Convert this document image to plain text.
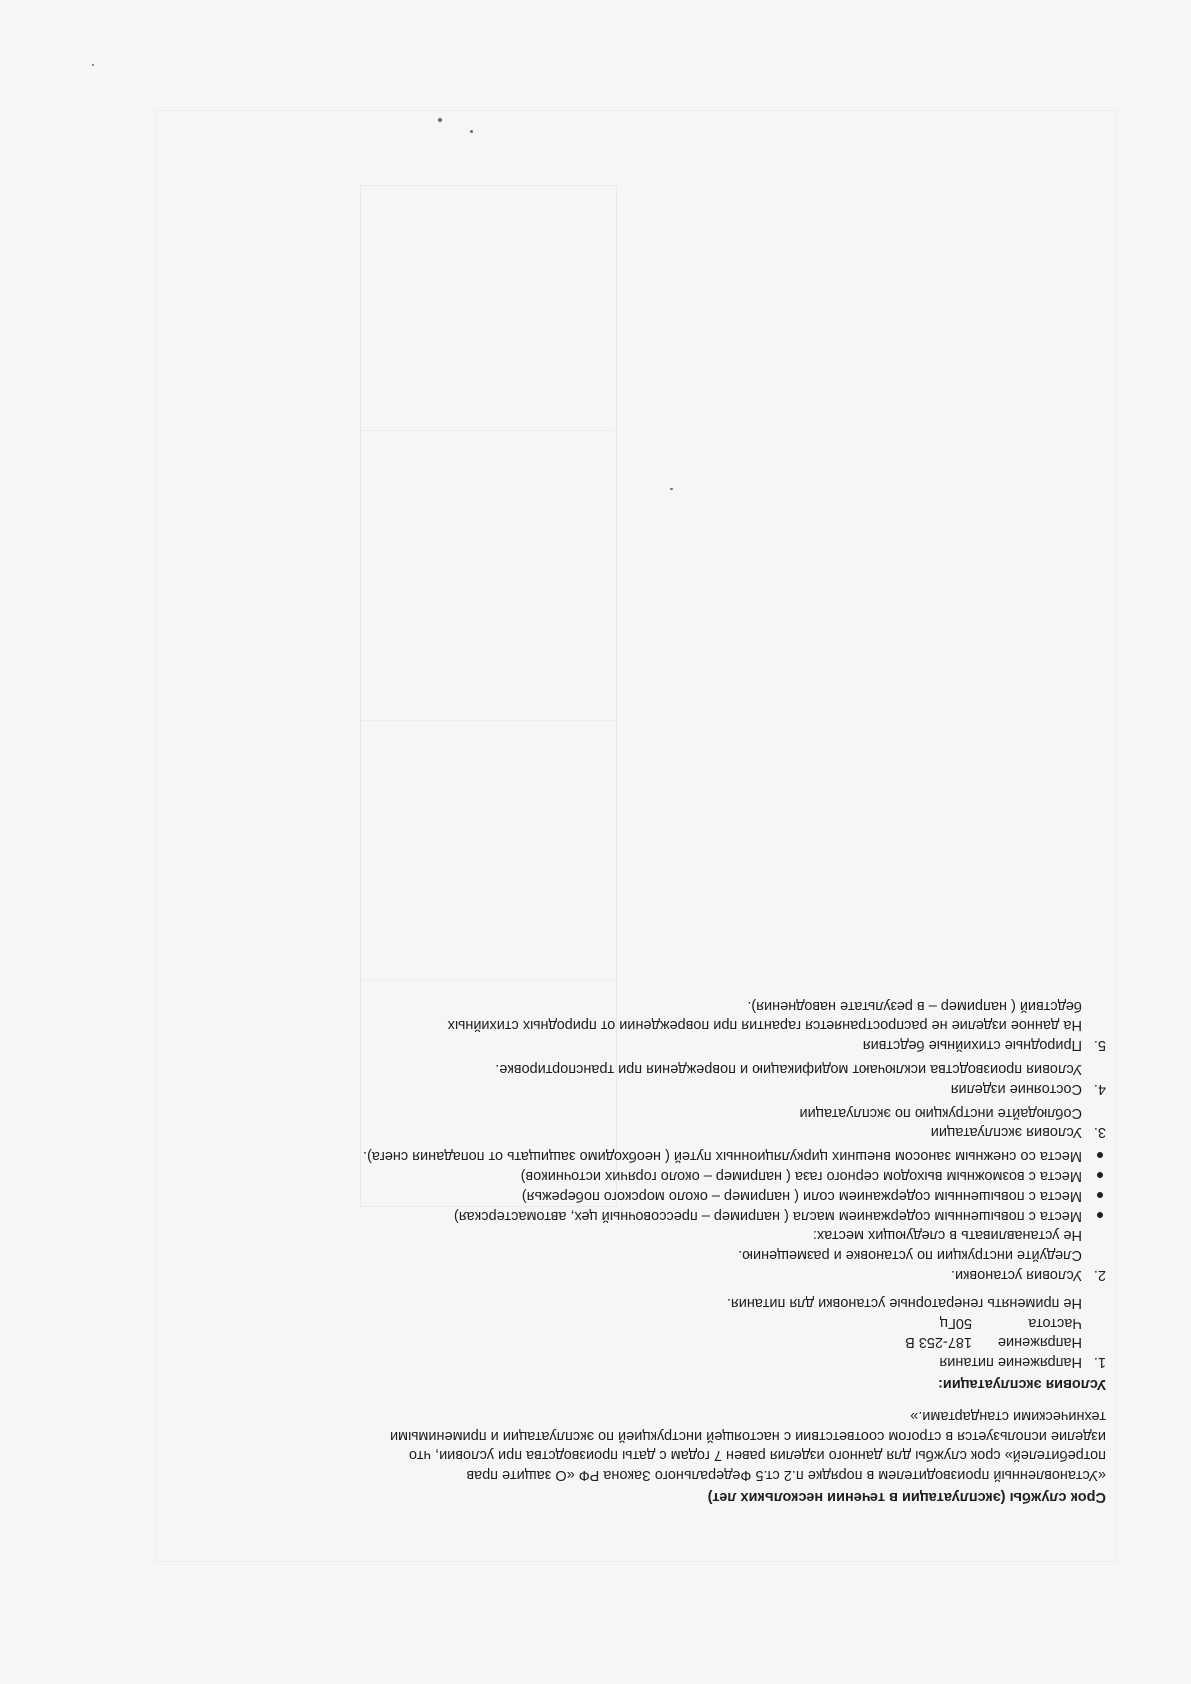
Срок службы (эксплуатации в течении нескольких лет)

«Установленный производителем в порядке п.2 ст.5 Федерального Закона РФ «О защите прав

потребителей» срок службы для данного изделия равен 7 годам с даты производства при условии, что

изделие используется в строгом соответствии с настоящей инструкцией по эксплуатации и применимыми

техническими стандартами.»

Условия эксплуатации:

1.Напряжение питания

Напряжение
187-253 В
Частота
50Гц

Не применять генераторные установки для питания.

2.Условия установки.

Следуйте инструкции по установке и размещению.

Не устанавливать в следующих местах:

Места с повышенным содержанием масла ( например – прессовочный цех, автомастерская)

Места с повышенным содержанием соли ( например – около морского побережья)

Места с возможным выходом серного газа ( например – около горячих источников)

Места со снежным заносом внешних циркуляционных путей ( необходимо защищать от попадания снега).

3.Условия эксплуатации

Соблюдайте инструкцию по эксплуатации

4.Состояние изделия

Условия производства исключают модификацию и повреждения при транспортировке.

5.Природные стихийные бедствия

На данное изделие не распространяется гарантия при повреждении от природных стихийных

бедствий ( например – в результате наводнения).
